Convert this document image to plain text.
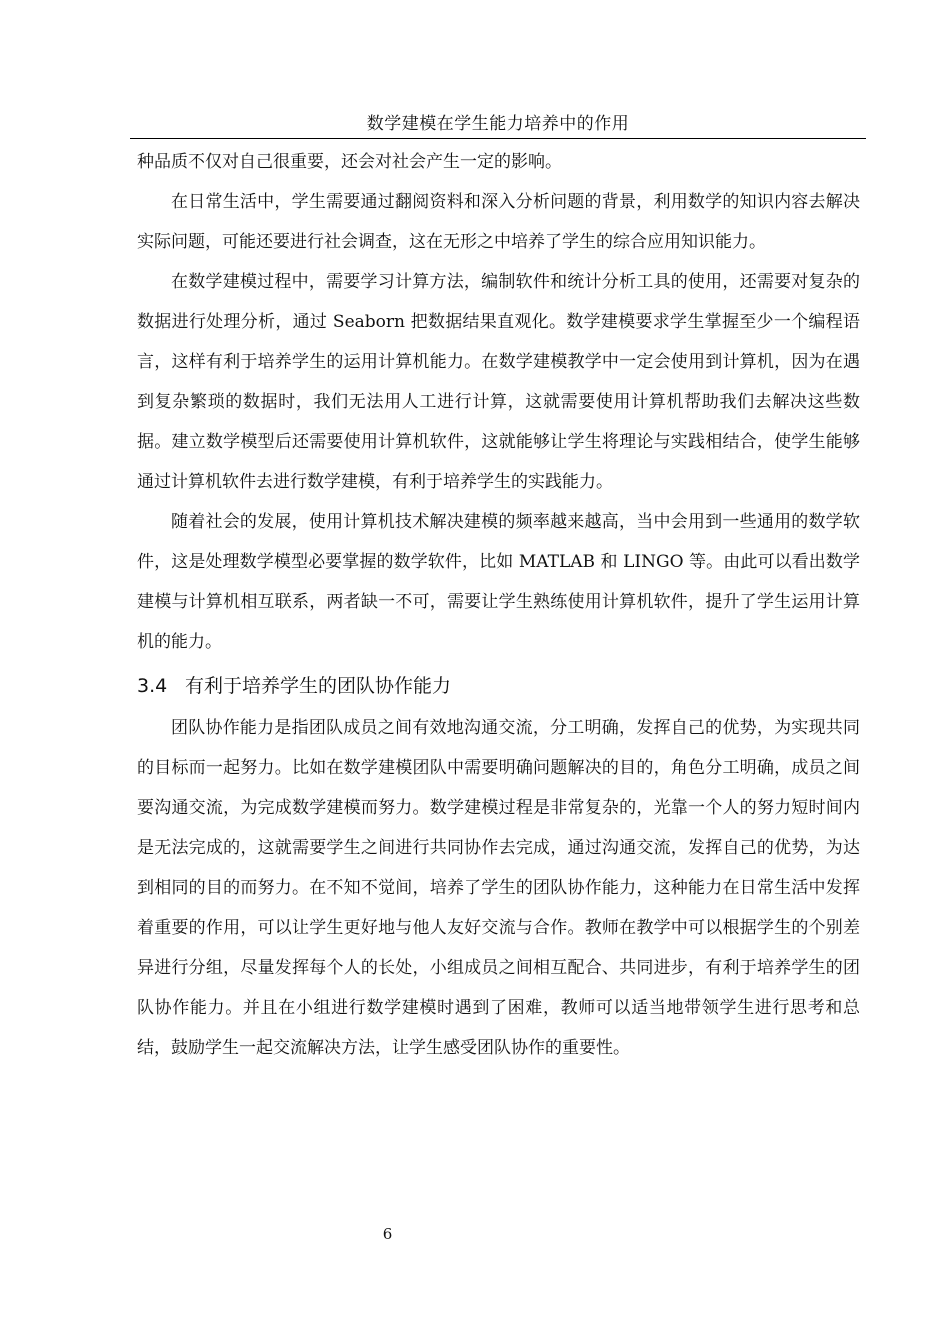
数学建模在学生能力培养中的作用

种品质不仅对自己很重要，还会对社会产生一定的影响。

在日常生活中，学生需要通过翻阅资料和深入分析问题的背景，利用数学的知识内容去解决实际问题，可能还要进行社会调查，这在无形之中培养了学生的综合应用知识能力。

在数学建模过程中，需要学习计算方法，编制软件和统计分析工具的使用，还需要对复杂的数据进行处理分析，通过 Seaborn 把数据结果直观化。数学建模要求学生掌握至少一个编程语言，这样有利于培养学生的运用计算机能力。在数学建模教学中一定会使用到计算机，因为在遇到复杂繁琐的数据时，我们无法用人工进行计算，这就需要使用计算机帮助我们去解决这些数据。建立数学模型后还需要使用计算机软件，这就能够让学生将理论与实践相结合，使学生能够通过计算机软件去进行数学建模，有利于培养学生的实践能力。

随着社会的发展，使用计算机技术解决建模的频率越来越高，当中会用到一些通用的数学软件，这是处理数学模型必要掌握的数学软件，比如 MATLAB 和 LINGO 等。由此可以看出数学建模与计算机相互联系，两者缺一不可，需要让学生熟练使用计算机软件，提升了学生运用计算机的能力。

3.4 有利于培养学生的团队协作能力

团队协作能力是指团队成员之间有效地沟通交流，分工明确，发挥自己的优势，为实现共同的目标而一起努力。比如在数学建模团队中需要明确问题解决的目的，角色分工明确，成员之间要沟通交流，为完成数学建模而努力。数学建模过程是非常复杂的，光靠一个人的努力短时间内是无法完成的，这就需要学生之间进行共同协作去完成，通过沟通交流，发挥自己的优势，为达到相同的目的而努力。在不知不觉间，培养了学生的团队协作能力，这种能力在日常生活中发挥着重要的作用，可以让学生更好地与他人友好交流与合作。教师在教学中可以根据学生的个别差异进行分组，尽量发挥每个人的长处，小组成员之间相互配合、共同进步，有利于培养学生的团队协作能力。并且在小组进行数学建模时遇到了困难，教师可以适当地带领学生进行思考和总结，鼓励学生一起交流解决方法，让学生感受团队协作的重要性。

6
